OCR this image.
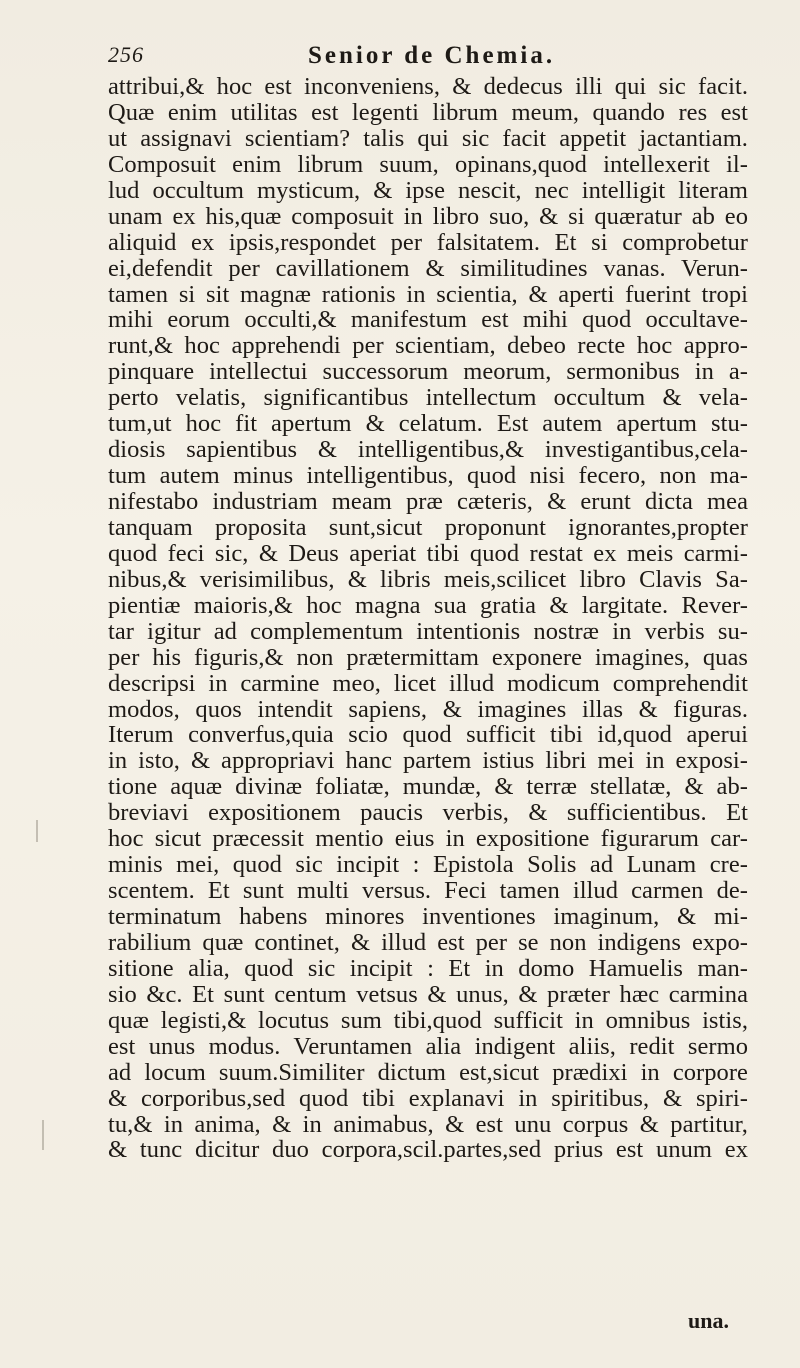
256	Senior de Chemia.
attribui,& hoc est inconveniens, & dedecus illi qui sic facit.
Quæ enim utilitas est legenti librum meum, quando res est
ut assignavi scientiam? talis qui sic facit appetit jactantiam.
Composuit enim librum suum, opinans,quod intellexerit il-
lud occultum mysticum, & ipse nescit, nec intelligit literam
unam ex his,quæ composuit in libro suo, & si quæratur ab eo
aliquid ex ipsis,respondet per falsitatem. Et si comprobetur
ei,defendit per cavillationem & similitudines vanas. Verun-
tamen si sit magnæ rationis in scientia, & aperti fuerint tropi
mihi eorum occulti,& manifestum est mihi quod occultave-
runt,& hoc apprehendi per scientiam, debeo recte hoc appro-
pinquare intellectui successorum meorum, sermonibus in a-
perto velatis, significantibus intellectum occultum & vela-
tum,ut hoc fit apertum & celatum. Est autem apertum stu-
diosis sapientibus & intelligentibus,& investigantibus,cela-
tum autem minus intelligentibus, quod nisi fecero, non ma-
nifestabo industriam meam præ cæteris, & erunt dicta mea
tanquam proposita sunt,sicut proponunt ignorantes,propter
quod feci sic, & Deus aperiat tibi quod restat ex meis carmi-
nibus,& verisimilibus, & libris meis,scilicet libro Clavis Sa-
pientiæ maioris,& hoc magna sua gratia & largitate. Rever-
tar igitur ad complementum intentionis nostræ in verbis su-
per his figuris,& non prætermittam exponere imagines, quas
descripsi in carmine meo, licet illud modicum comprehendit
modos, quos intendit sapiens, & imagines illas & figuras.
Iterum converfus,quia scio quod sufficit tibi id,quod aperui
in isto, & appropriavi hanc partem istius libri mei in exposi-
tione aquæ divinæ foliatæ, mundæ, & terræ stellatæ, & ab-
breviavi expositionem paucis verbis, & sufficientibus. Et
hoc sicut præcessit mentio eius in expositione figurarum car-
minis mei, quod sic incipit : Epistola Solis ad Lunam cre-
scentem. Et sunt multi versus. Feci tamen illud carmen de-
terminatum habens minores inventiones imaginum, & mi-
rabilium quæ continet, & illud est per se non indigens expo-
sitione alia, quod sic incipit : Et in domo Hamuelis man-
sio &c. Et sunt centum vetsus & unus, & præter hæc carmina
quæ legisti,& locutus sum tibi,quod sufficit in omnibus istis,
est unus modus. Veruntamen alia indigent aliis, redit sermo
ad locum suum.Similiter dictum est,sicut prædixi in corpore
& corporibus,sed quod tibi explanavi in spiritibus, & spiri-
tu,& in anima, & in animabus, & est unu corpus & partitur,
& tunc dicitur duo corpora,scil.partes,sed prius est unum ex
una.
